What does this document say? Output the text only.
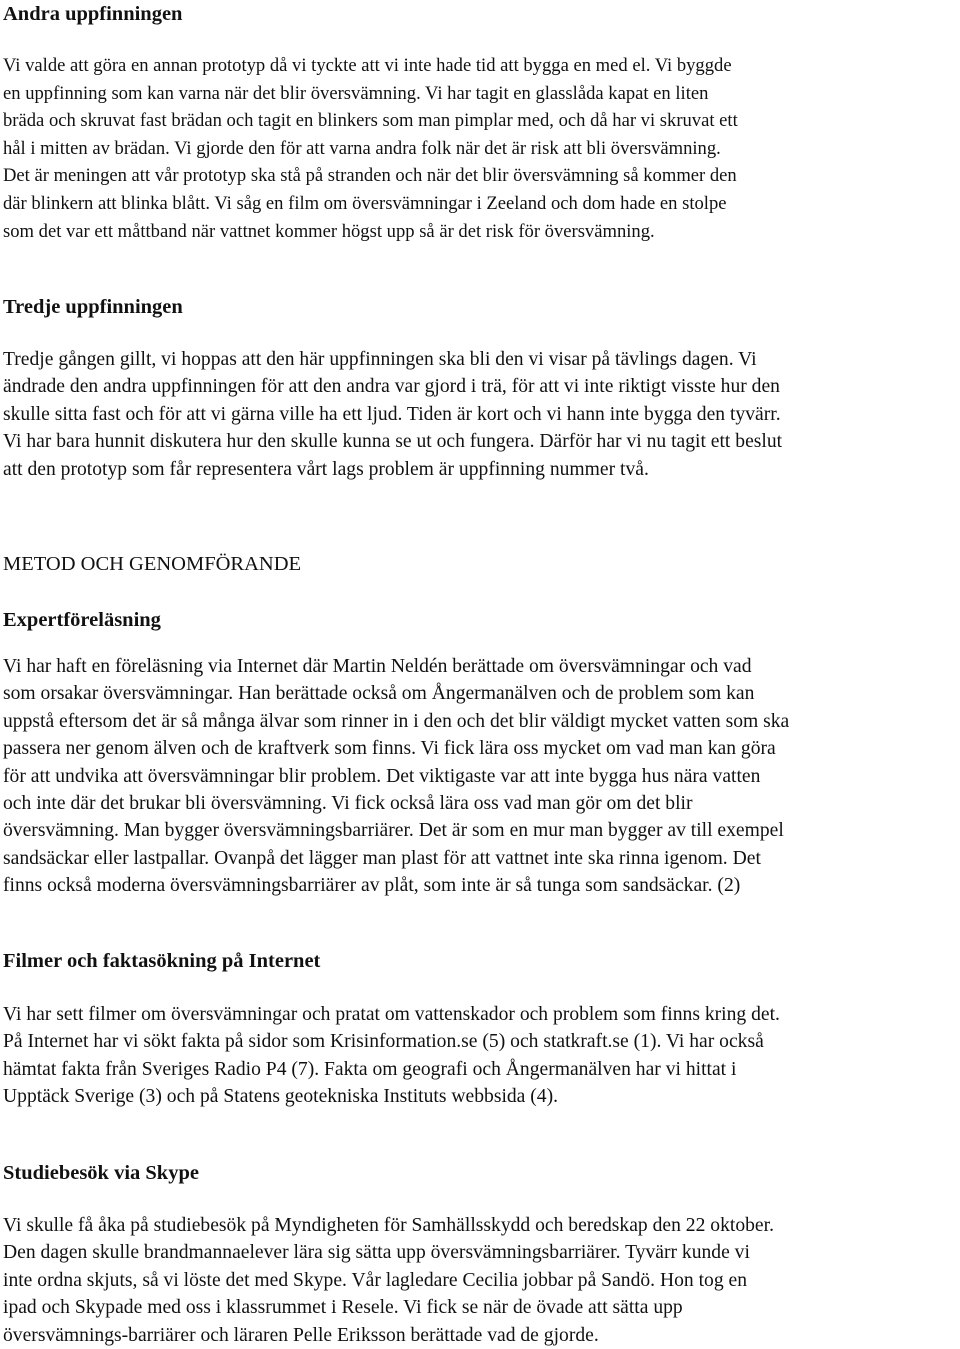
Andra uppfinningen
Vi valde att göra en annan prototyp då vi tyckte att vi inte hade tid att bygga en med el. Vi byggde
en uppfinning som kan varna när det blir översvämning. Vi har tagit en glasslåda kapat en liten
bräda och skruvat fast brädan och tagit en blinkers som man pimplar med, och då har vi skruvat ett
hål i mitten av brädan. Vi gjorde den för att varna andra folk när det är risk att bli översvämning.
Det är meningen att vår prototyp ska stå på stranden och när det blir översvämning så kommer den
där blinkern att blinka blått. Vi såg en film om översvämningar i Zeeland och dom hade en stolpe
som det var ett måttband när vattnet kommer högst upp så är det risk för översvämning.
Tredje uppfinningen
Tredje gången gillt, vi hoppas att den här uppfinningen ska bli den vi visar på tävlings dagen. Vi
ändrade den andra uppfinningen för att den andra var gjord i trä, för att vi inte riktigt visste hur den
skulle sitta fast och för att vi gärna ville ha ett ljud. Tiden är kort och vi hann inte bygga den tyvärr.
Vi har bara hunnit diskutera hur den skulle kunna se ut och fungera. Därför har vi nu tagit ett beslut
att den prototyp som får representera vårt lags problem är uppfinning nummer två.
METOD OCH GENOMFÖRANDE
Expertföreläsning
Vi har haft en föreläsning via Internet där Martin Neldén berättade om översvämningar och vad
som orsakar översvämningar. Han berättade också om Ångermanälven och de problem som kan
uppstå eftersom det är så många älvar som rinner in i den och det blir väldigt mycket vatten som ska
passera ner genom älven och de kraftverk som finns. Vi fick lära oss mycket om vad man kan göra
för att undvika att översvämningar blir problem. Det viktigaste var att inte bygga hus nära vatten
och inte där det brukar bli översvämning. Vi fick också lära oss vad man gör om det blir
översvämning. Man bygger översvämningsbarriärer. Det är som en mur man bygger av till exempel
sandsäckar eller lastpallar. Ovanpå det lägger man plast för att vattnet inte ska rinna igenom. Det
finns också moderna översvämningsbarriärer av plåt, som inte är så tunga som sandsäckar. (2)
Filmer och faktasökning på Internet
Vi har sett filmer om översvämningar och pratat om vattenskador och problem som finns kring det.
På Internet har vi sökt fakta på sidor som Krisinformation.se (5) och statkraft.se (1). Vi har också
hämtat fakta från Sveriges Radio P4 (7). Fakta om geografi och Ångermanälven har vi hittat i
Upptäck Sverige (3) och på Statens geotekniska Instituts webbsida (4).
Studiebesök via Skype
Vi skulle få åka på studiebesök på Myndigheten för Samhällsskydd och beredskap den 22 oktober.
Den dagen skulle brandmannaelever lära sig sätta upp översvämningsbarriärer. Tyvärr kunde vi
inte ordna skjuts, så vi löste det med Skype. Vår lagledare Cecilia jobbar på Sandö. Hon tog en
ipad och Skypade med oss i klassrummet i Resele. Vi fick se när de övade att sätta upp
översvämnings-barriärer och läraren Pelle Eriksson berättade vad de gjorde.
